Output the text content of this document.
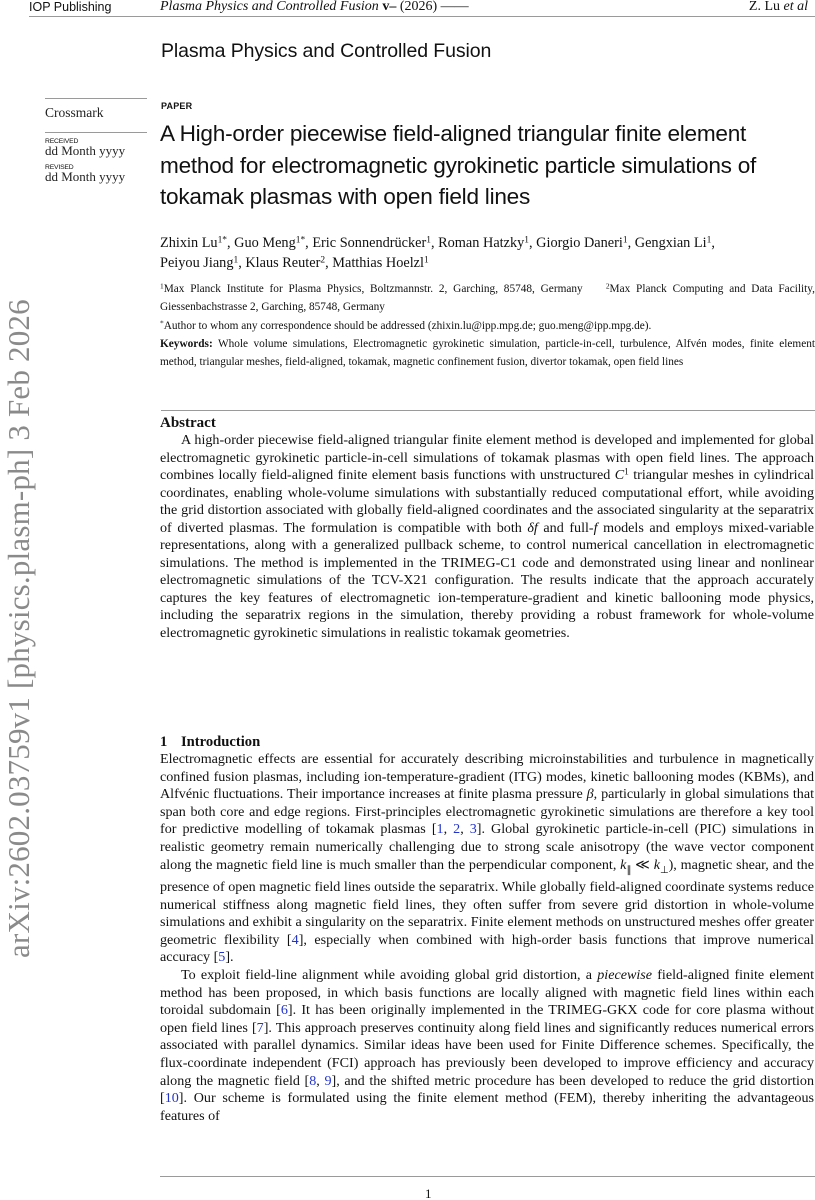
IOP Publishing	Plasma Physics and Controlled Fusion v– (2026) ——	Z. Lu et al
Plasma Physics and Controlled Fusion
Crossmark
RECEIVED
dd Month yyyy
REVISED
dd Month yyyy
PAPER
A High-order piecewise field-aligned triangular finite element method for electromagnetic gyrokinetic particle simulations of tokamak plasmas with open field lines
Zhixin $Lu^{1*}$, Guo Meng$^{1*}$, Eric Sonnendrücker$^1$, Roman Hatzky$^1$, Giorgio Daneri$^1$, Gengxian Li$^1$,
Peiyou Jiang$^1$, Klaus Reuter$^2$, Matthias Hoelzl$^1$

$^1$Max Planck Institute for Plasma Physics, Boltzmannstr. 2, Garching, 85748, Germany	$^2$Max Planck Computing and Data Facility, Giessenbachstrasse 2, Garching, 85748, Germany

*Author to whom any correspondence should be addressed (zhixin.lu@ipp.mpg.de; guo.meng@ipp.mpg.de).

Keywords: Whole volume simulations, Electromagnetic gyrokinetic simulation, particle-in-cell, turbulence, Alfvén modes, finite element method, triangular meshes, field-aligned, tokamak, magnetic confinement fusion, divertor tokamak, open field lines

Abstract

A high-order piecewise field-aligned triangular finite element method is developed and implemented for global electromagnetic gyrokinetic particle-in-cell simulations of tokamak plasmas with open field lines. The approach combines locally field-aligned finite element basis functions with unstructured $C^1$ triangular meshes in cylindrical coordinates, enabling whole-volume simulations with substantially reduced computational effort, while avoiding the grid distortion associated with globally field-aligned coordinates and the associated singularity at the separatrix of diverted plasmas. The formulation is compatible with both δf and full-f models and employs mixed-variable representations, along with a generalized pullback scheme, to control numerical cancellation in electromagnetic simulations. The method is implemented in the TRIMEG-C1 code and demonstrated using linear and nonlinear electromagnetic simulations of the TCV-X21 configuration. The results indicate that the approach accurately captures the key features of electromagnetic ion-temperature-gradient and kinetic ballooning mode physics, including the separatrix regions in the simulation, thereby providing a robust framework for whole-volume electromagnetic gyrokinetic simulations in realistic tokamak geometries.

1 Introduction

Electromagnetic effects are essential for accurately describing microinstabilities and turbulence in magnetically confined fusion plasmas, including ion-temperature-gradient (ITG) modes, kinetic ballooning modes (KBMs), and Alfvénic fluctuations. Their importance increases at finite plasma pressure β, particularly in global simulations that span both core and edge regions. First-principles electromagnetic gyrokinetic simulations are therefore a key tool for predictive modelling of tokamak plasmas [1, 2, 3]. Global gyrokinetic particle-in-cell (PIC) simulations in realistic geometry remain numerically challenging due to strong scale anisotropy (the wave vector component along the magnetic field line is much smaller than the perpendicular component, $k_\parallel$ ≪ $k_\perp$), magnetic shear, and the presence of open magnetic field lines outside the separatrix. While globally field-aligned coordinate systems reduce numerical stiffness along magnetic field lines, they often suffer from severe grid distortion in whole-volume simulations and exhibit a singularity on the separatrix. Finite element methods on unstructured meshes offer greater geometric flexibility [4], especially when combined with high-order basis functions that improve numerical accuracy [5].

To exploit field-line alignment while avoiding global grid distortion, a piecewise field-aligned finite element method has been proposed, in which basis functions are locally aligned with magnetic field lines within each toroidal subdomain [6]. It has been originally implemented in the TRIMEG-GKX code for core plasma without open field lines [7]. This approach preserves continuity along field lines and significantly reduces numerical errors associated with parallel dynamics. Similar ideas have been used for Finite Difference schemes. Specifically, the flux-coordinate independent (FCI) approach has previously been developed to improve efficiency and accuracy along the magnetic field [8, 9], and the shifted metric procedure has been developed to reduce the grid distortion [10]. Our scheme is formulated using the finite element method (FEM), thereby inheriting the advantageous features of

1
arXiv:2602.03759v1 [physics.plasm-ph] 3 Feb 2026
